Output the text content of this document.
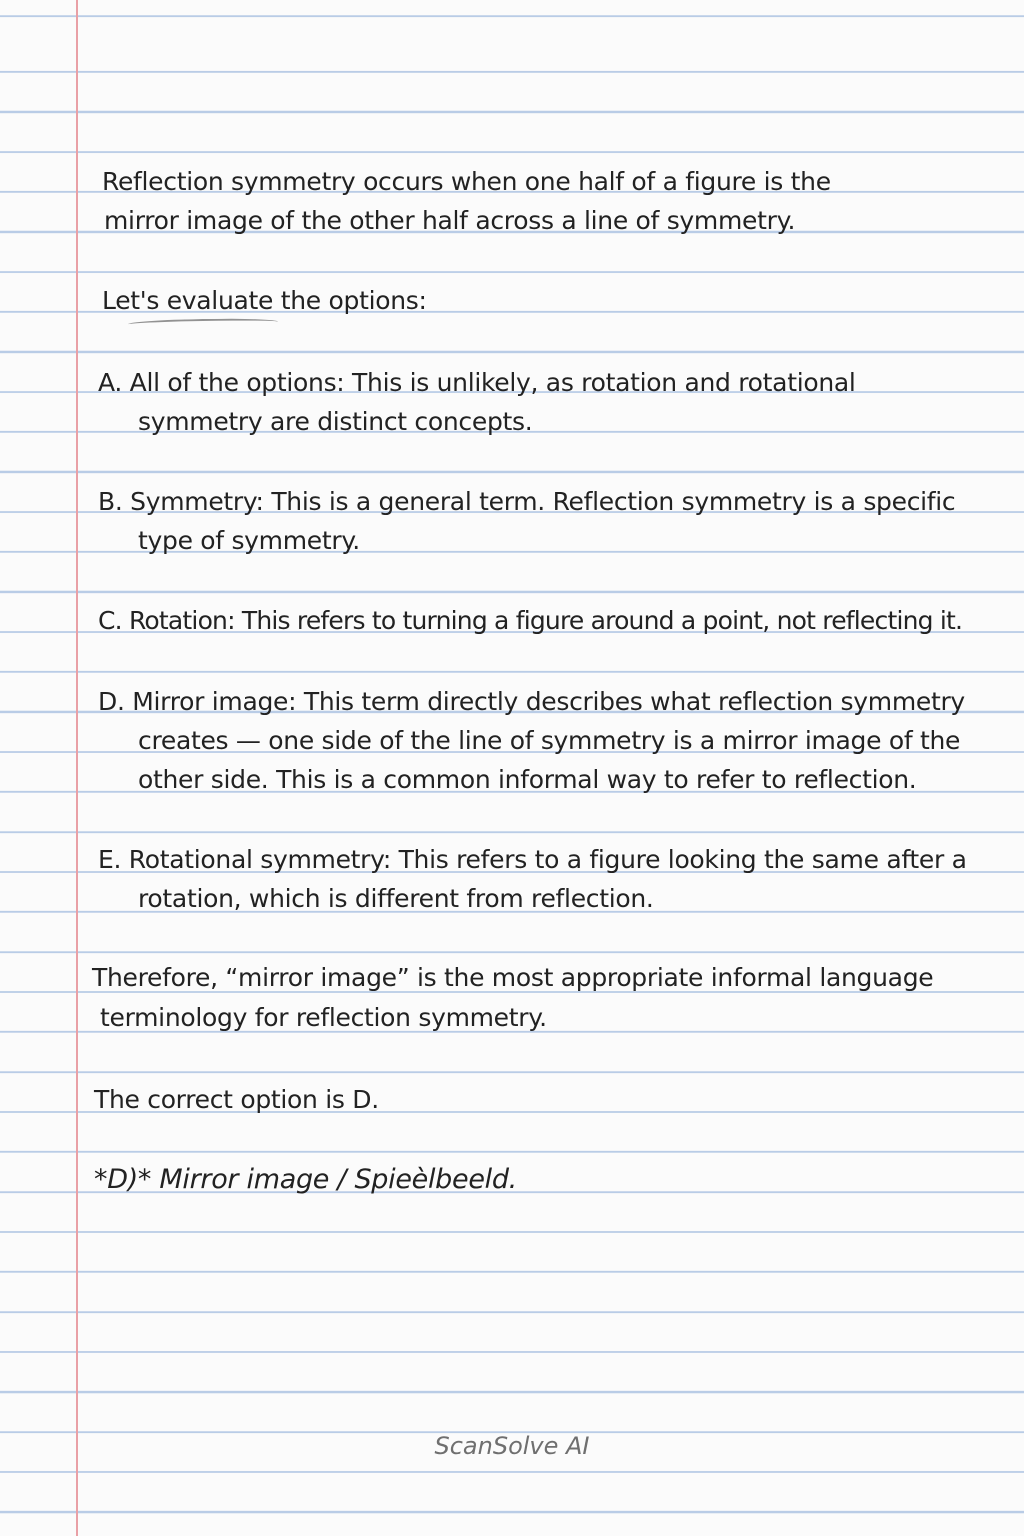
Reflection symmetry occurs when one half of a figure is the
mirror image of the other half across a line of symmetry.
Let's evaluate the options:
A. All of the options: This is unlikely, as rotation and rotational
symmetry are distinct concepts.
B. Symmetry: This is a general term. Reflection symmetry is a specific
type of symmetry.
C. Rotation: This refers to turning a figure around a point, not reflecting it.
D. Mirror image: This term directly describes what reflection symmetry
creates — one side of the line of symmetry is a mirror image of the
other side. This is a common informal way to refer to reflection.
E. Rotational symmetry: This refers to a figure looking the same after a
rotation, which is different from reflection.
Therefore, “mirror image” is the most appropriate informal language
terminology for reflection symmetry.
The correct option is D.
*D)* Mirror image / Spieèlbeeld.
ScanSolve AI
